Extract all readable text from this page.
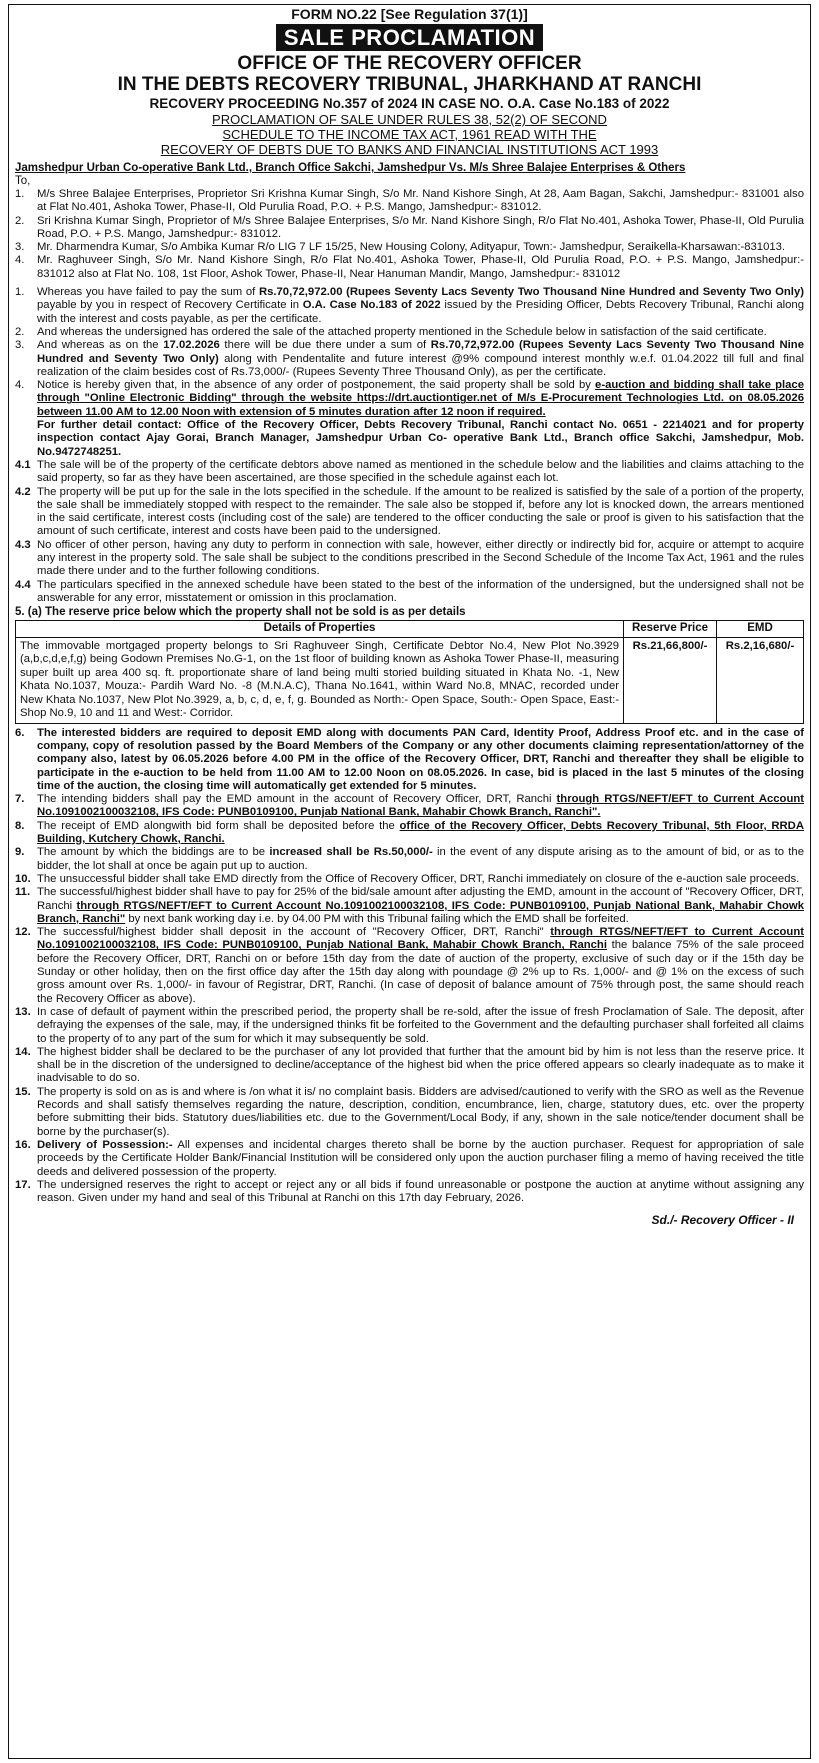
FORM NO.22 [See Regulation 37(1)]
SALE PROCLAMATION
OFFICE OF THE RECOVERY OFFICER
IN THE DEBTS RECOVERY TRIBUNAL, JHARKHAND AT RANCHI
RECOVERY PROCEEDING No.357 of 2024 IN CASE NO. O.A. Case No.183 of 2022
PROCLAMATION OF SALE UNDER RULES 38, 52(2) OF SECOND
SCHEDULE TO THE INCOME TAX ACT, 1961 READ WITH THE
RECOVERY OF DEBTS DUE TO BANKS AND FINANCIAL INSTITUTIONS ACT 1993
Jamshedpur Urban Co-operative Bank Ltd., Branch Office Sakchi, Jamshedpur Vs. M/s Shree Balajee Enterprises & Others
To,
1.	M/s Shree Balajee Enterprises, Proprietor Sri Krishna Kumar Singh, S/o Mr. Nand Kishore Singh, At 28, Aam Bagan, Sakchi, Jamshedpur:- 831001 also at Flat No.401, Ashoka Tower, Phase-II, Old Purulia Road, P.O. + P.S. Mango, Jamshedpur:- 831012.
2.	Sri Krishna Kumar Singh, Proprietor of M/s Shree Balajee Enterprises, S/o Mr. Nand Kishore Singh, R/o Flat No.401, Ashoka Tower, Phase-II, Old Purulia Road, P.O. + P.S. Mango, Jamshedpur:- 831012.
3.	Mr. Dharmendra Kumar, S/o Ambika Kumar R/o LIG 7 LF 15/25, New Housing Colony, Adityapur, Town:- Jamshedpur, Seraikella-Kharsawan:-831013.
4.	Mr. Raghuveer Singh, S/o Mr. Nand Kishore Singh, R/o Flat No.401, Ashoka Tower, Phase-II, Old Purulia Road, P.O. + P.S. Mango, Jamshedpur:- 831012 also at Flat No. 108, 1st Floor, Ashok Tower, Phase-II, Near Hanuman Mandir, Mango, Jamshedpur:- 831012
1.	Whereas you have failed to pay the sum of Rs.70,72,972.00 (Rupees Seventy Lacs Seventy Two Thousand Nine Hundred and Seventy Two Only) payable by you in respect of Recovery Certificate in O.A. Case No.183 of 2022 issued by the Presiding Officer, Debts Recovery Tribunal, Ranchi along with the interest and costs payable, as per the certificate.
2.	And whereas the undersigned has ordered the sale of the attached property mentioned in the Schedule below in satisfaction of the said certificate.
3.	And whereas as on the 17.02.2026 there will be due there under a sum of Rs.70,72,972.00 (Rupees Seventy Lacs Seventy Two Thousand Nine Hundred and Seventy Two Only) along with Pendentalite and future interest @9% compound interest monthly w.e.f. 01.04.2022 till full and final realization of the claim besides cost of Rs.73,000/- (Rupees Seventy Three Thousand Only), as per the certificate.
4.	Notice is hereby given that, in the absence of any order of postponement, the said property shall be sold by e-auction and bidding shall take place through "Online Electronic Bidding" through the website https://drt.auctiontiger.net of M/s E-Procurement Technologies Ltd. on 08.05.2026 between 11.00 AM to 12.00 Noon with extension of 5 minutes duration after 12 noon if required.
For further detail contact: Office of the Recovery Officer, Debts Recovery Tribunal, Ranchi contact No. 0651 - 2214021 and for property inspection contact Ajay Gorai, Branch Manager, Jamshedpur Urban Co- operative Bank Ltd., Branch office Sakchi, Jamshedpur, Mob. No.9472748251.
4.1 The sale will be of the property of the certificate debtors above named as mentioned in the schedule below and the liabilities and claims attaching to the said property, so far as they have been ascertained, are those specified in the schedule against each lot.
4.2 The property will be put up for the sale in the lots specified in the schedule. If the amount to be realized is satisfied by the sale of a portion of the property, the sale shall be immediately stopped with respect to the remainder. The sale also be stopped if, before any lot is knocked down, the arrears mentioned in the said certificate, interest costs (including cost of the sale) are tendered to the officer conducting the sale or proof is given to his satisfaction that the amount of such certificate, interest and costs have been paid to the undersigned.
4.3 No officer of other person, having any duty to perform in connection with sale, however, either directly or indirectly bid for, acquire or attempt to acquire any interest in the property sold. The sale shall be subject to the conditions prescribed in the Second Schedule of the Income Tax Act, 1961 and the rules made there under and to the further following conditions.
4.4 The particulars specified in the annexed schedule have been stated to the best of the information of the undersigned, but the undersigned shall not be answerable for any error, misstatement or omission in this proclamation.
5. (a) The reserve price below which the property shall not be sold is as per details
Details of Properties	Reserve Price	EMD
The immovable mortgaged property belongs to Sri Raghuveer Singh, Certificate Debtor No.4, New Plot No.3929 (a,b,c,d,e,f,g) being Godown Premises No.G-1, on the 1st floor of building known as Ashoka Tower Phase-II, measuring super built up area 400 sq. ft. proportionate share of land being multi storied building situated in Khata No. -1, New Khata No.1037, Mouza:- Pardih Ward No. -8 (M.N.A.C), Thana No.1641, within Ward No.8, MNAC, recorded under New Khata No.1037, New Plot No.3929, a, b, c, d, e, f, g. Bounded as North:- Open Space, South:- Open Space, East:- Shop No.9, 10 and 11 and West:- Corridor.	Rs.21,66,800/-	Rs.2,16,680/-
6.	The interested bidders are required to deposit EMD along with documents PAN Card, Identity Proof, Address Proof etc. and in the case of company, copy of resolution passed by the Board Members of the Company or any other documents claiming representation/attorney of the company also, latest by 06.05.2026 before 4.00 PM in the office of the Recovery Officer, DRT, Ranchi and thereafter they shall be eligible to participate in the e-auction to be held from 11.00 AM to 12.00 Noon on 08.05.2026. In case, bid is placed in the last 5 minutes of the closing time of the auction, the closing time will automatically get extended for 5 minutes.
7.	The intending bidders shall pay the EMD amount in the account of Recovery Officer, DRT, Ranchi through RTGS/NEFT/EFT to Current Account No.1091002100032108, IFS Code: PUNB0109100, Punjab National Bank, Mahabir Chowk Branch, Ranchi".
8.	The receipt of EMD alongwith bid form shall be deposited before the office of the Recovery Officer, Debts Recovery Tribunal, 5th Floor, RRDA Building, Kutchery Chowk, Ranchi.
9.	The amount by which the biddings are to be increased shall be Rs.50,000/- in the event of any dispute arising as to the amount of bid, or as to the bidder, the lot shall at once be again put up to auction.
10. The unsuccessful bidder shall take EMD directly from the Office of Recovery Officer, DRT, Ranchi immediately on closure of the e-auction sale proceeds.
11. The successful/highest bidder shall have to pay for 25% of the bid/sale amount after adjusting the EMD, amount in the account of "Recovery Officer, DRT, Ranchi through RTGS/NEFT/EFT to Current Account No.1091002100032108, IFS Code: PUNB0109100, Punjab National Bank, Mahabir Chowk Branch, Ranchi" by next bank working day i.e. by 04.00 PM with this Tribunal failing which the EMD shall be forfeited.
12. The successful/highest bidder shall deposit in the account of "Recovery Officer, DRT, Ranchi" through RTGS/NEFT/EFT to Current Account No.1091002100032108, IFS Code: PUNB0109100, Punjab National Bank, Mahabir Chowk Branch, Ranchi the balance 75% of the sale proceed before the Recovery Officer, DRT, Ranchi on or before 15th day from the date of auction of the property, exclusive of such day or if the 15th day be Sunday or other holiday, then on the first office day after the 15th day along with poundage @ 2% up to Rs. 1,000/- and @ 1% on the excess of such gross amount over Rs. 1,000/- in favour of Registrar, DRT, Ranchi. (In case of deposit of balance amount of 75% through post, the same should reach the Recovery Officer as above).
13. In case of default of payment within the prescribed period, the property shall be re-sold, after the issue of fresh Proclamation of Sale. The deposit, after defraying the expenses of the sale, may, if the undersigned thinks fit be forfeited to the Government and the defaulting purchaser shall forfeited all claims to the property of to any part of the sum for which it may subsequently be sold.
14. The highest bidder shall be declared to be the purchaser of any lot provided that further that the amount bid by him is not less than the reserve price. It shall be in the discretion of the undersigned to decline/acceptance of the highest bid when the price offered appears so clearly inadequate as to make it inadvisable to do so.
15. The property is sold on as is and where is /on what it is/ no complaint basis. Bidders are advised/cautioned to verify with the SRO as well as the Revenue Records and shall satisfy themselves regarding the nature, description, condition, encumbrance, lien, charge, statutory dues, etc. over the property before submitting their bids. Statutory dues/liabilities etc. due to the Government/Local Body, if any, shown in the sale notice/tender document shall be borne by the purchaser(s).
16. Delivery of Possession:- All expenses and incidental charges thereto shall be borne by the auction purchaser. Request for appropriation of sale proceeds by the Certificate Holder Bank/Financial Institution will be considered only upon the auction purchaser filing a memo of having received the title deeds and delivered possession of the property.
17. The undersigned reserves the right to accept or reject any or all bids if found unreasonable or postpone the auction at anytime without assigning any reason. Given under my hand and seal of this Tribunal at Ranchi on this 17th day February, 2026.
Sd./- Recovery Officer - II
